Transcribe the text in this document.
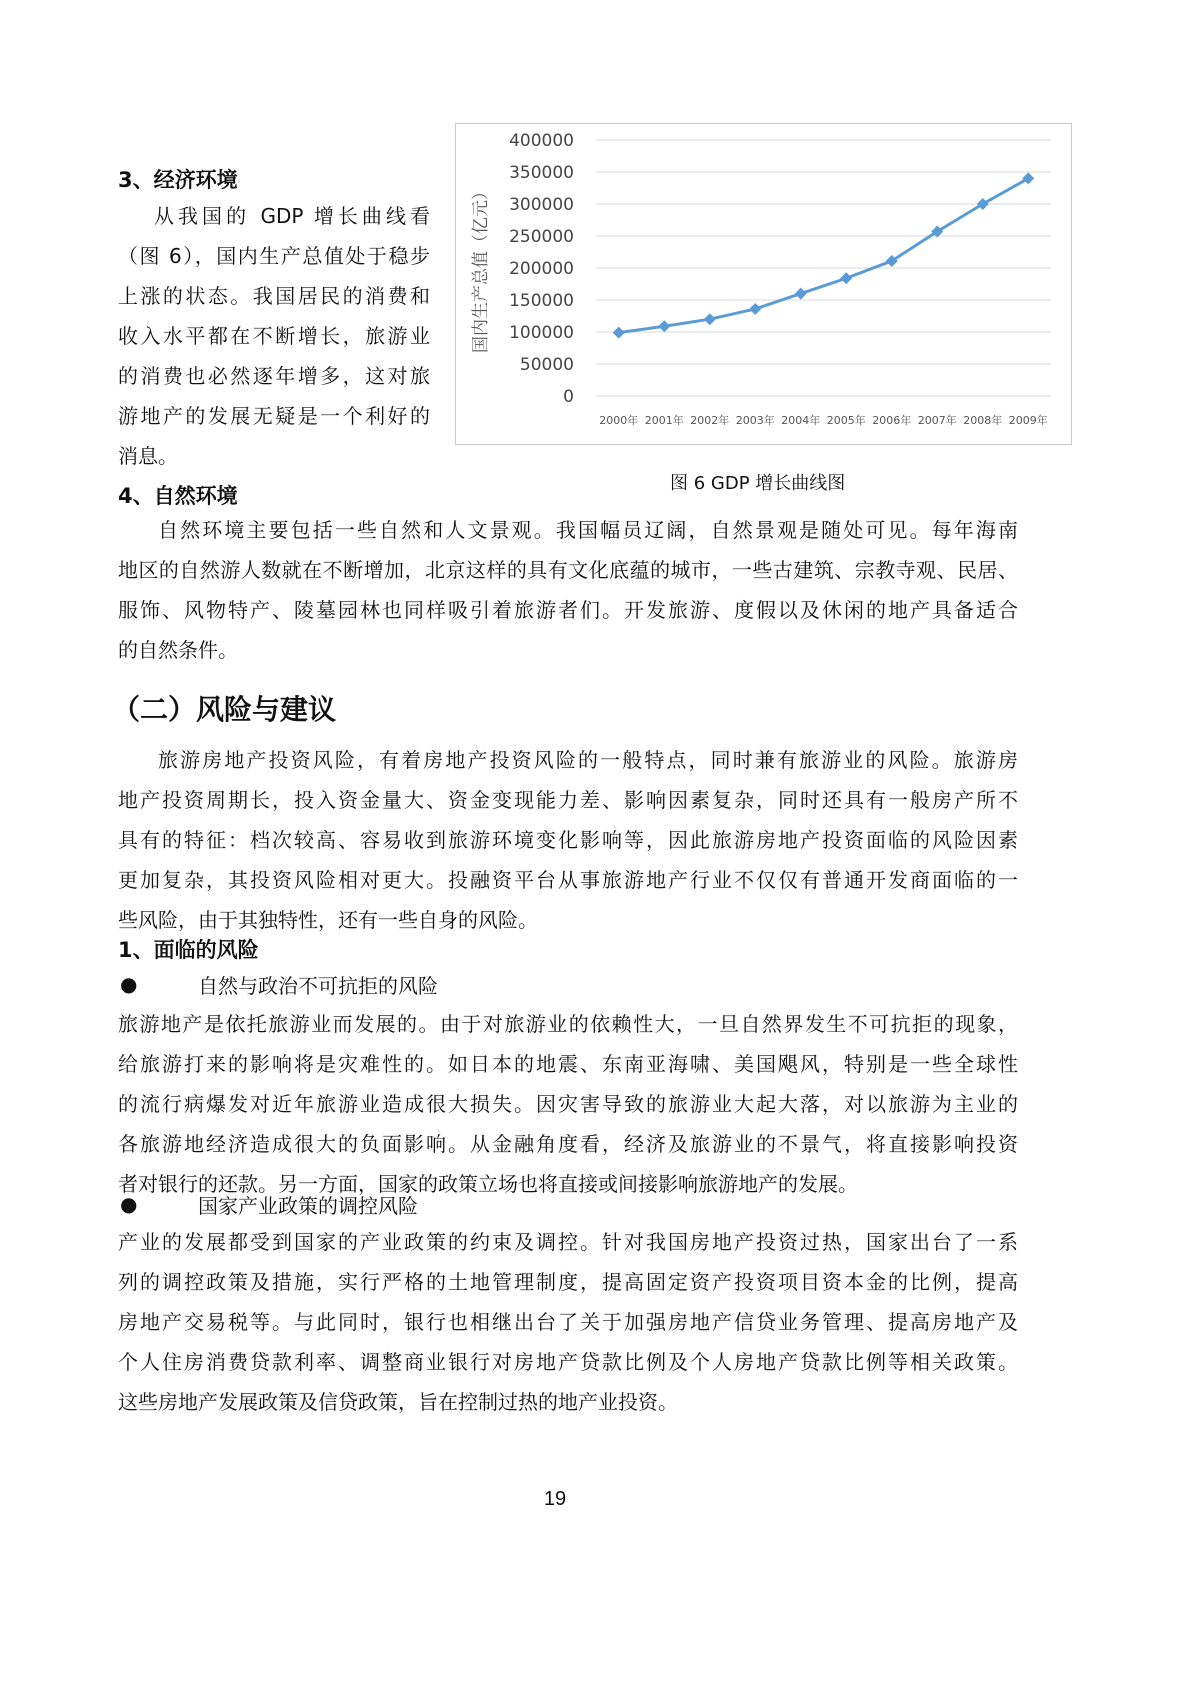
3、经济环境
从我国的 GDP 增长曲线看
（图 6），国内生产总值处于稳步
上涨的状态。我国居民的消费和
收入水平都在不断增长，旅游业
的消费也必然逐年增多，这对旅
游地产的发展无疑是一个利好的
消息。
0
50000
100000
150000
200000
250000
300000
350000
400000
国内生产总值（亿元）
2000年 2001年 2002年 2003年 2004年 2005年 2006年 2007年 2008年 2009年
图 6 GDP 增长曲线图
4、自然环境
自然环境主要包括一些自然和人文景观。我国幅员辽阔，自然景观是随处可见。每年海南
地区的自然游人数就在不断增加，北京这样的具有文化底蕴的城市，一些古建筑、宗教寺观、民居、
服饰、风物特产、陵墓园林也同样吸引着旅游者们。开发旅游、度假以及休闲的地产具备适合
的自然条件。
（二）风险与建议
旅游房地产投资风险，有着房地产投资风险的一般特点，同时兼有旅游业的风险。旅游房
地产投资周期长，投入资金量大、资金变现能力差、影响因素复杂，同时还具有一般房产所不
具有的特征：档次较高、容易收到旅游环境变化影响等，因此旅游房地产投资面临的风险因素
更加复杂，其投资风险相对更大。投融资平台从事旅游地产行业不仅仅有普通开发商面临的一
些风险，由于其独特性，还有一些自身的风险。
1、面临的风险
●	自然与政治不可抗拒的风险
旅游地产是依托旅游业而发展的。由于对旅游业的依赖性大，一旦自然界发生不可抗拒的现象，
给旅游打来的影响将是灾难性的。如日本的地震、东南亚海啸、美国飓风，特别是一些全球性
的流行病爆发对近年旅游业造成很大损失。因灾害导致的旅游业大起大落，对以旅游为主业的
各旅游地经济造成很大的负面影响。从金融角度看，经济及旅游业的不景气，将直接影响投资
者对银行的还款。另一方面，国家的政策立场也将直接或间接影响旅游地产的发展。
●	国家产业政策的调控风险
产业的发展都受到国家的产业政策的约束及调控。针对我国房地产投资过热，国家出台了一系
列的调控政策及措施，实行严格的土地管理制度，提高固定资产投资项目资本金的比例，提高
房地产交易税等。与此同时，银行也相继出台了关于加强房地产信贷业务管理、提高房地产及
个人住房消费贷款利率、调整商业银行对房地产贷款比例及个人房地产贷款比例等相关政策。
这些房地产发展政策及信贷政策，旨在控制过热的地产业投资。
19
